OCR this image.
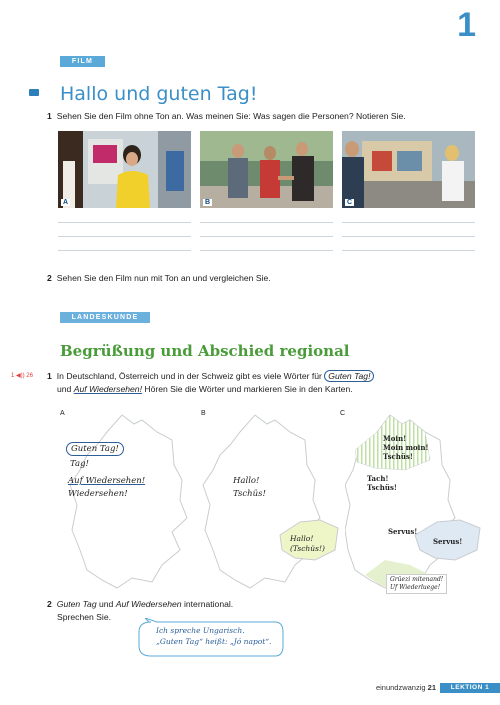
1
FILM
Hallo und guten Tag!
1 Sehen Sie den Film ohne Ton an. Was meinen Sie: Was sagen die Personen? Notieren Sie.
A	B	C
2 Sehen Sie den Film nun mit Ton an und vergleichen Sie.
LANDESKUNDE
Begrüßung und Abschied regional
1 ◀)) 26 1 In Deutschland, Österreich und in der Schweiz gibt es viele Wörter für Guten Tag!
und Auf Wiedersehen! Hören Sie die Wörter und markieren Sie in den Karten.
A
Guten Tag!
Tag!
Auf Wiedersehen!
Wiedersehen!
B
Hallo!
Tschüs!
Hallo!
(Tschüs!)
C
Moin!
Moin moin!
Tschüs!
Tach!
Tschüs!
Servus!
Servus!
Grüezi mitenand!
Uf Wiederluege!
2 Guten Tag und Auf Wiedersehen international.
Sprechen Sie.
Ich spreche Ungarisch.
„Guten Tag“ heißt: „Jó napot“.
einundzwanzig 21	LEKTION 1
